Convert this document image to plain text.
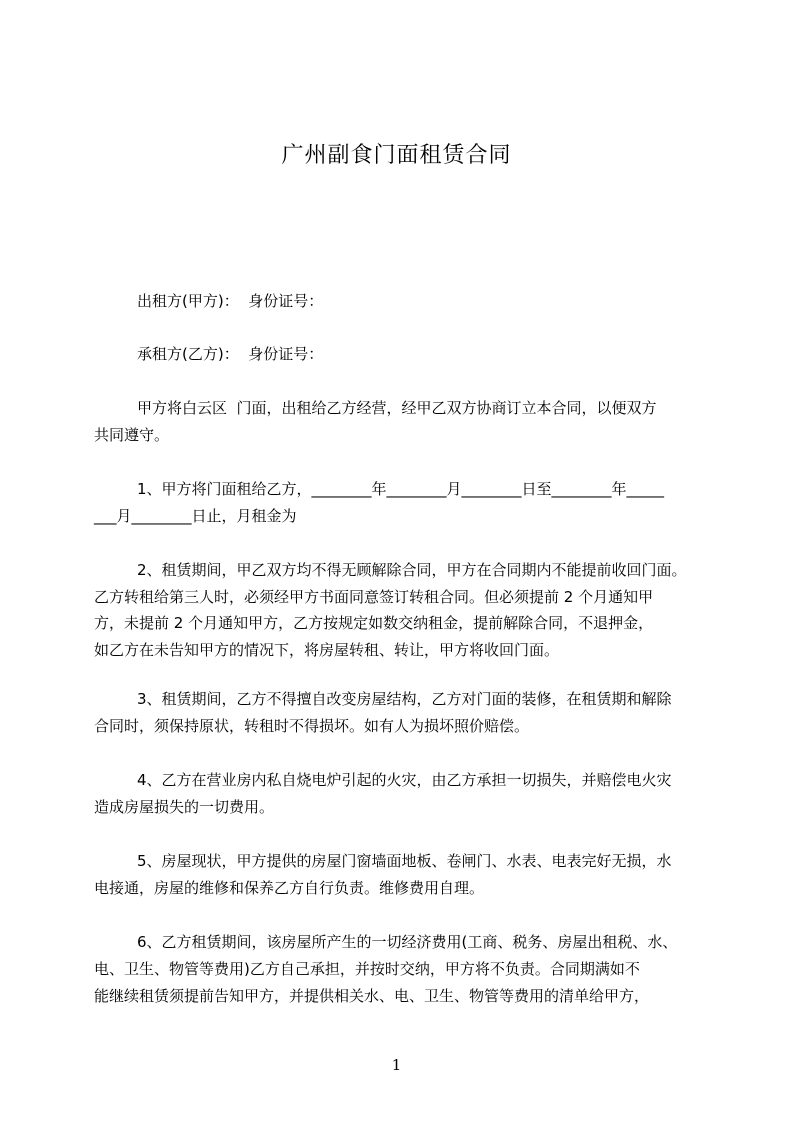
广州副食门面租赁合同
出租方(甲方)：  身份证号：
承租方(乙方)：  身份证号：
甲方将白云区  门面，出租给乙方经营，经甲乙双方协商订立本合同，以便双方
共同遵守。
1、甲方将门面租给乙方，________年________月________日至________年_____
___月________日止，月租金为
2、租赁期间，甲乙双方均不得无顾解除合同，甲方在合同期内不能提前收回门面。
乙方转租给第三人时，必须经甲方书面同意签订转租合同。但必须提前 2 个月通知甲
方，未提前 2 个月通知甲方，乙方按规定如数交纳租金，提前解除合同，不退押金，
如乙方在未告知甲方的情况下，将房屋转租、转让，甲方将收回门面。
3、租赁期间，乙方不得擅自改变房屋结构，乙方对门面的装修，在租赁期和解除
合同时，须保持原状，转租时不得损坏。如有人为损坏照价赔偿。
4、乙方在营业房内私自烧电炉引起的火灾，由乙方承担一切损失，并赔偿电火灾
造成房屋损失的一切费用。
5、房屋现状，甲方提供的房屋门窗墙面地板、卷闸门、水表、电表完好无损，水
电接通，房屋的维修和保养乙方自行负责。维修费用自理。
6、乙方租赁期间，该房屋所产生的一切经济费用(工商、税务、房屋出租税、水、
电、卫生、物管等费用)乙方自己承担，并按时交纳，甲方将不负责。合同期满如不
能继续租赁须提前告知甲方，并提供相关水、电、卫生、物管等费用的清单给甲方，
1
